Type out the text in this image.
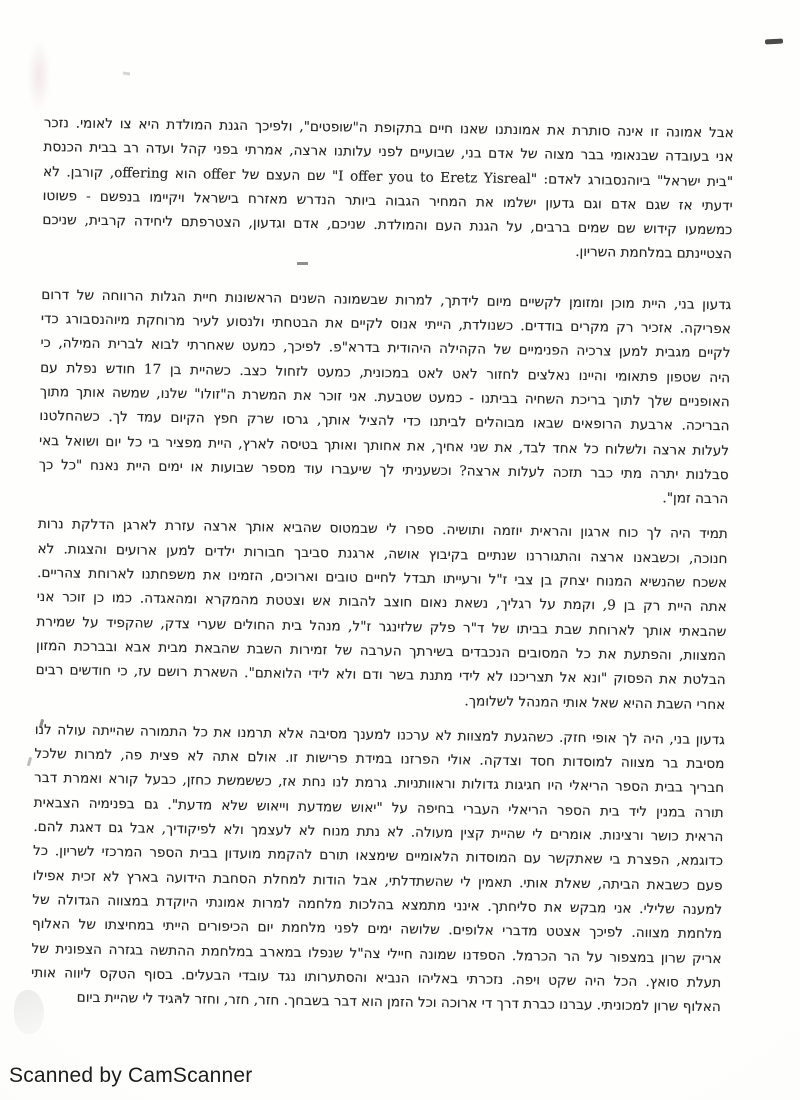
אבל אמונה זו אינה סותרת את אמונתנו שאנו חיים בתקופת ה"שופטים", ולפיכך הגנת המולדת היא צו לאומי. נזכר
אני בעובדה שבנאומי בבר מצוה של אדם בני, שבועיים לפני עלותנו ארצה, אמרתי בפני קהל ועדה רב בבית הכנסת
"בית ישראל" ביוהנסבורג לאדם: "I offer you to Eretz Yisreal" שם העצם של offer הוא offering, קורבן. לא
ידעתי אז שגם אדם וגם גדעון ישלמו את המחיר הגבוה ביותר הנדרש מאזרח בישראל ויקיימו בנפשם - פשוטו
כמשמעו קידוש שם שמים ברבים, על הגנת העם והמולדת. שניכם, אדם וגדעון, הצטרפתם ליחידה קרבית, שניכם
הצטיינתם במלחמת השריון.
גדעון בני, היית מוכן ומזומן לקשיים מיום לידתך, למרות שבשמונה השנים הראשונות חיית הגלות הרווחה של דרום
אפריקה. אזכיר רק מקרים בודדים. כשנולדת, הייתי אנוס לקיים את הבטחתי ולנסוע לעיר מרוחקת מיוהנסבורג כדי
לקיים מגבית למען צרכיה הפנימיים של הקהילה היהודית בדרא"פ. לפיכך, כמעט שאחרתי לבוא לברית המילה, כי
היה שטפון פתאומי והיינו נאלצים לחזור לאט לאט במכונית, כמעט לזחול כצב. כשהיית בן 17 חודש נפלת עם
האופניים שלך לתוך בריכת השחיה בביתנו - כמעט שטבעת. אני זוכר את המשרת ה"זולו" שלנו, שמשה אותך מתוך
הבריכה. ארבעת הרופאים שבאו מבוהלים לביתנו כדי להציל אותך, גרסו שרק חפץ הקיום עמד לך. כשהחלטנו
לעלות ארצה ולשלוח כל אחד לבד, את שני אחיך, את אחותך ואותך בטיסה לארץ, היית מפציר בי כל יום ושואל באי
סבלנות יתרה מתי כבר תזכה לעלות ארצה? וכשעניתי לך שיעברו עוד מספר שבועות או ימים היית נאנח "כל כך
הרבה זמן".
תמיד היה לך כוח ארגון והראית יוזמה ותושיה. ספרו לי שבמטוס שהביא אותך ארצה עזרת לארגן הדלקת נרות
חנוכה, וכשבאנו ארצה והתגוררנו שנתיים בקיבוץ אושה, ארגנת סביבך חבורות ילדים למען ארועים והצגות. לא
אשכח שהנשיא המנוח יצחק בן צבי ז"ל ורעייתו תבדל לחיים טובים וארוכים, הזמינו את משפחתנו לארוחת צהריים.
אתה היית רק בן 9, וקמת על רגליך, נשאת נאום חוצב להבות אש וצטטת מהמקרא ומהאגדה. כמו כן זוכר אני
שהבאתי אותך לארוחת שבת בביתו של ד"ר פלק שלזינגר ז"ל, מנהל בית החולים שערי צדק, שהקפיד על שמירת
המצוות, והפתעת את כל המסובים הנכבדים בשירתך הערבה של זמירות השבת שהבאת מבית אבא ובברכת המזון
הבלטת את הפסוק "ונא אל תצריכנו לא לידי מתנת בשר ודם ולא לידי הלואתם". השארת רושם עז, כי חודשים רבים
אחרי השבת ההיא שאל אותי המנהל לשלומך.
גדעון בני, היה לך אופי חזק. כשהגעת למצוות לא ערכנו למענך מסיבה אלא תרמנו את כל התמורה שהייתה עולה לנו
מסיבת בר מצווה למוסדות חסד וצדקה. אולי הפרזנו במידת פרישות זו. אולם אתה לא פצית פה, למרות שלכל
חבריך בבית הספר הריאלי היו חגיגות גדולות וראוותניות. גרמת לנו נחת אז, כששמשת כחזן, כבעל קורא ואמרת דבר
תורה במנין ליד בית הספר הריאלי העברי בחיפה על "יאוש שמדעת וייאוש שלא מדעת". גם בפנימיה הצבאית
הראית כושר ורצינות. אומרים לי שהיית קצין מעולה. לא נתת מנוח לא לעצמך ולא לפיקודיך, אבל גם דאגת להם.
כדוגמא, הפצרת בי שאתקשר עם המוסדות הלאומיים שימצאו תורם להקמת מועדון בבית הספר המרכזי לשריון. כל
פעם כשבאת הביתה, שאלת אותי. תאמין לי שהשתדלתי, אבל הודות למחלת הסחבת הידועה בארץ לא זכית אפילו
למענה שלילי. אני מבקש את סליחתך. אינני מתמצא בהלכות מלחמה למרות אמונתי היוקדת במצווה הגדולה של
מלחמת מצווה. לפיכך אצטט מדברי אלופים. שלושה ימים לפני מלחמת יום הכיפורים הייתי במחיצתו של האלוף
אריק שרון במצפור על הר הכרמל. הספדנו שמונה חיילי צה"ל שנפלו במארב במלחמת ההתשה בגזרה הצפונית של
תעלת סואץ. הכל היה שקט ויפה. נזכרתי באליהו הנביא והסתערותו נגד עובדי הבעלים. בסוף הטקס ליווה אותי
האלוף שרון למכוניתי. עברנו כברת דרך די ארוכה וכל הזמן הוא דבר בשבחך. חזר, חזר, וחזר להגיד לי שהיית ביום
Scanned by CamScanner
